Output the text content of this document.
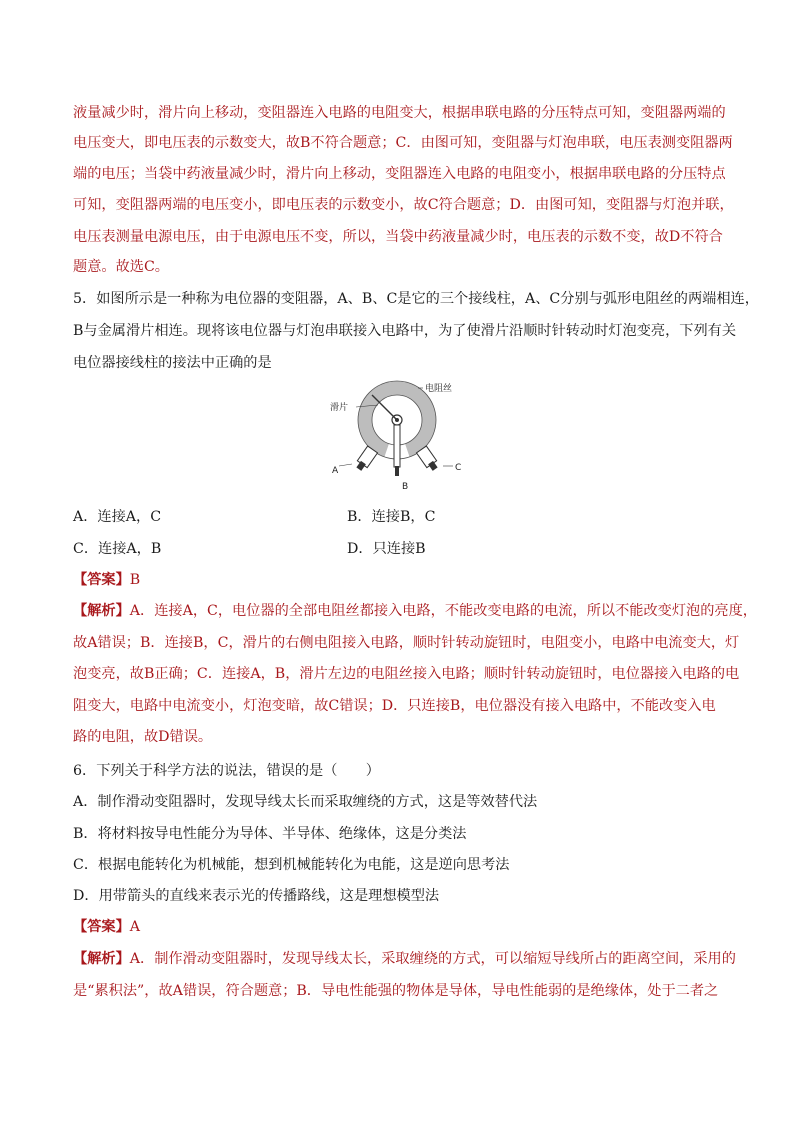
液量减少时，滑片向上移动，变阻器连入电路的电阻变大，根据串联电路的分压特点可知，变阻器两端的
电压变大，即电压表的示数变大，故B不符合题意；C．由图可知，变阻器与灯泡串联，电压表测变阻器两
端的电压；当袋中药液量减少时，滑片向上移动，变阻器连入电路的电阻变小，根据串联电路的分压特点
可知，变阻器两端的电压变小，即电压表的示数变小，故C符合题意；D．由图可知，变阻器与灯泡并联，
电压表测量电源电压，由于电源电压不变，所以，当袋中药液量减少时，电压表的示数不变，故D不符合
题意。故选C。
5．如图所示是一种称为电位器的变阻器，A、B、C是它的三个接线柱，A、C分别与弧形电阻丝的两端相连，
B与金属滑片相连。现将该电位器与灯泡串联接入电路中，为了使滑片沿顺时针转动时灯泡变亮，下列有关
电位器接线柱的接法中正确的是
电阻丝
滑片
A
B
C
A．连接A，C	B．连接B，C
C．连接A，B	D．只连接B
【答案】B
【解析】A．连接A，C，电位器的全部电阻丝都接入电路，不能改变电路的电流，所以不能改变灯泡的亮度，
故A错误；B．连接B，C，滑片的右侧电阻接入电路，顺时针转动旋钮时，电阻变小，电路中电流变大，灯
泡变亮，故B正确；C．连接A，B，滑片左边的电阻丝接入电路；顺时针转动旋钮时，电位器接入电路的电
阻变大，电路中电流变小，灯泡变暗，故C错误；D．只连接B，电位器没有接入电路中，不能改变入电
路的电阻，故D错误。
6．下列关于科学方法的说法，错误的是（　　）
A．制作滑动变阻器时，发现导线太长而采取缠绕的方式，这是等效替代法
B．将材料按导电性能分为导体、半导体、绝缘体，这是分类法
C．根据电能转化为机械能，想到机械能转化为电能，这是逆向思考法
D．用带箭头的直线来表示光的传播路线，这是理想模型法
【答案】A
【解析】A．制作滑动变阻器时，发现导线太长，采取缠绕的方式，可以缩短导线所占的距离空间，采用的
是“累积法”，故A错误，符合题意；B．导电性能强的物体是导体，导电性能弱的是绝缘体，处于二者之
